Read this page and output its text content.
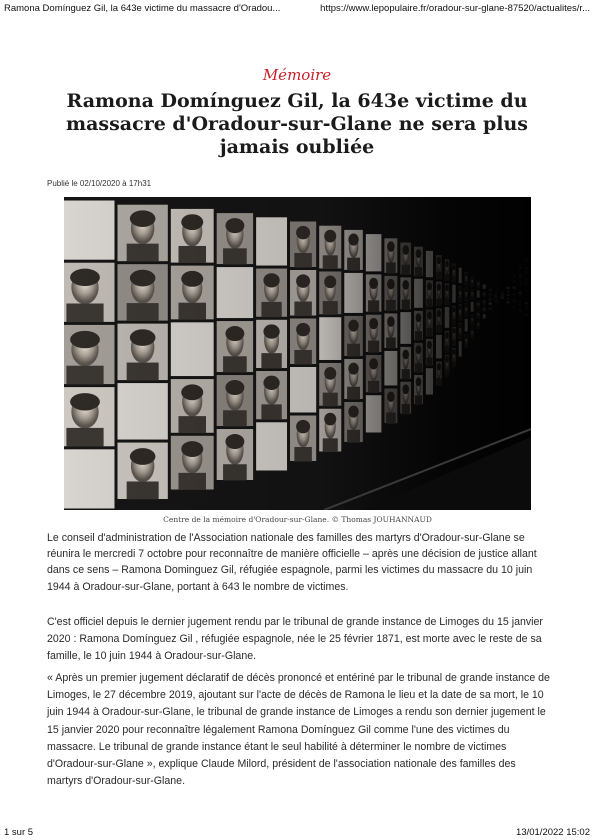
Ramona Domínguez Gil, la 643e victime du massacre d'Oradou...	https://www.lepopulaire.fr/oradour-sur-glane-87520/actualites/r...
Mémoire
Ramona Domínguez Gil, la 643e victime du massacre d'Oradour-sur-Glane ne sera plus jamais oubliée
Publié le 02/10/2020 à 17h31
Centre de la mémoire d'Oradour-sur-Glane. © Thomas JOUHANNAUD

Le conseil d'administration de l'Association nationale des familles des martyrs d'Oradour-sur-Glane se réunira le mercredi 7 octobre pour reconnaître de manière officielle – après une décision de justice allant dans ce sens – Ramona Dominguez Gil, réfugiée espagnole, parmi les victimes du massacre du 10 juin 1944 à Oradour-sur-Glane, portant à 643 le nombre de victimes.

C'est officiel depuis le dernier jugement rendu par le tribunal de grande instance de Limoges du 15 janvier 2020 : Ramona Domínguez Gil , réfugiée espagnole, née le 25 février 1871, est morte avec le reste de sa famille, le 10 juin 1944 à Oradour-sur-Glane.

« Après un premier jugement déclaratif de décès prononcé et entériné par le tribunal de grande instance de Limoges, le 27 décembre 2019, ajoutant sur l'acte de décès de Ramona le lieu et la date de sa mort, le 10 juin 1944 à Oradour-sur-Glane, le tribunal de grande instance de Limoges a rendu son dernier jugement le 15 janvier 2020 pour reconnaître légalement Ramona Domínguez Gil comme l'une des victimes du massacre. Le tribunal de grande instance étant le seul habilité à déterminer le nombre de victimes d'Oradour-sur-Glane », explique Claude Milord, président de l'association nationale des familles des martyrs d'Oradour-sur-Glane.

1 sur 5	13/01/2022 15:02
